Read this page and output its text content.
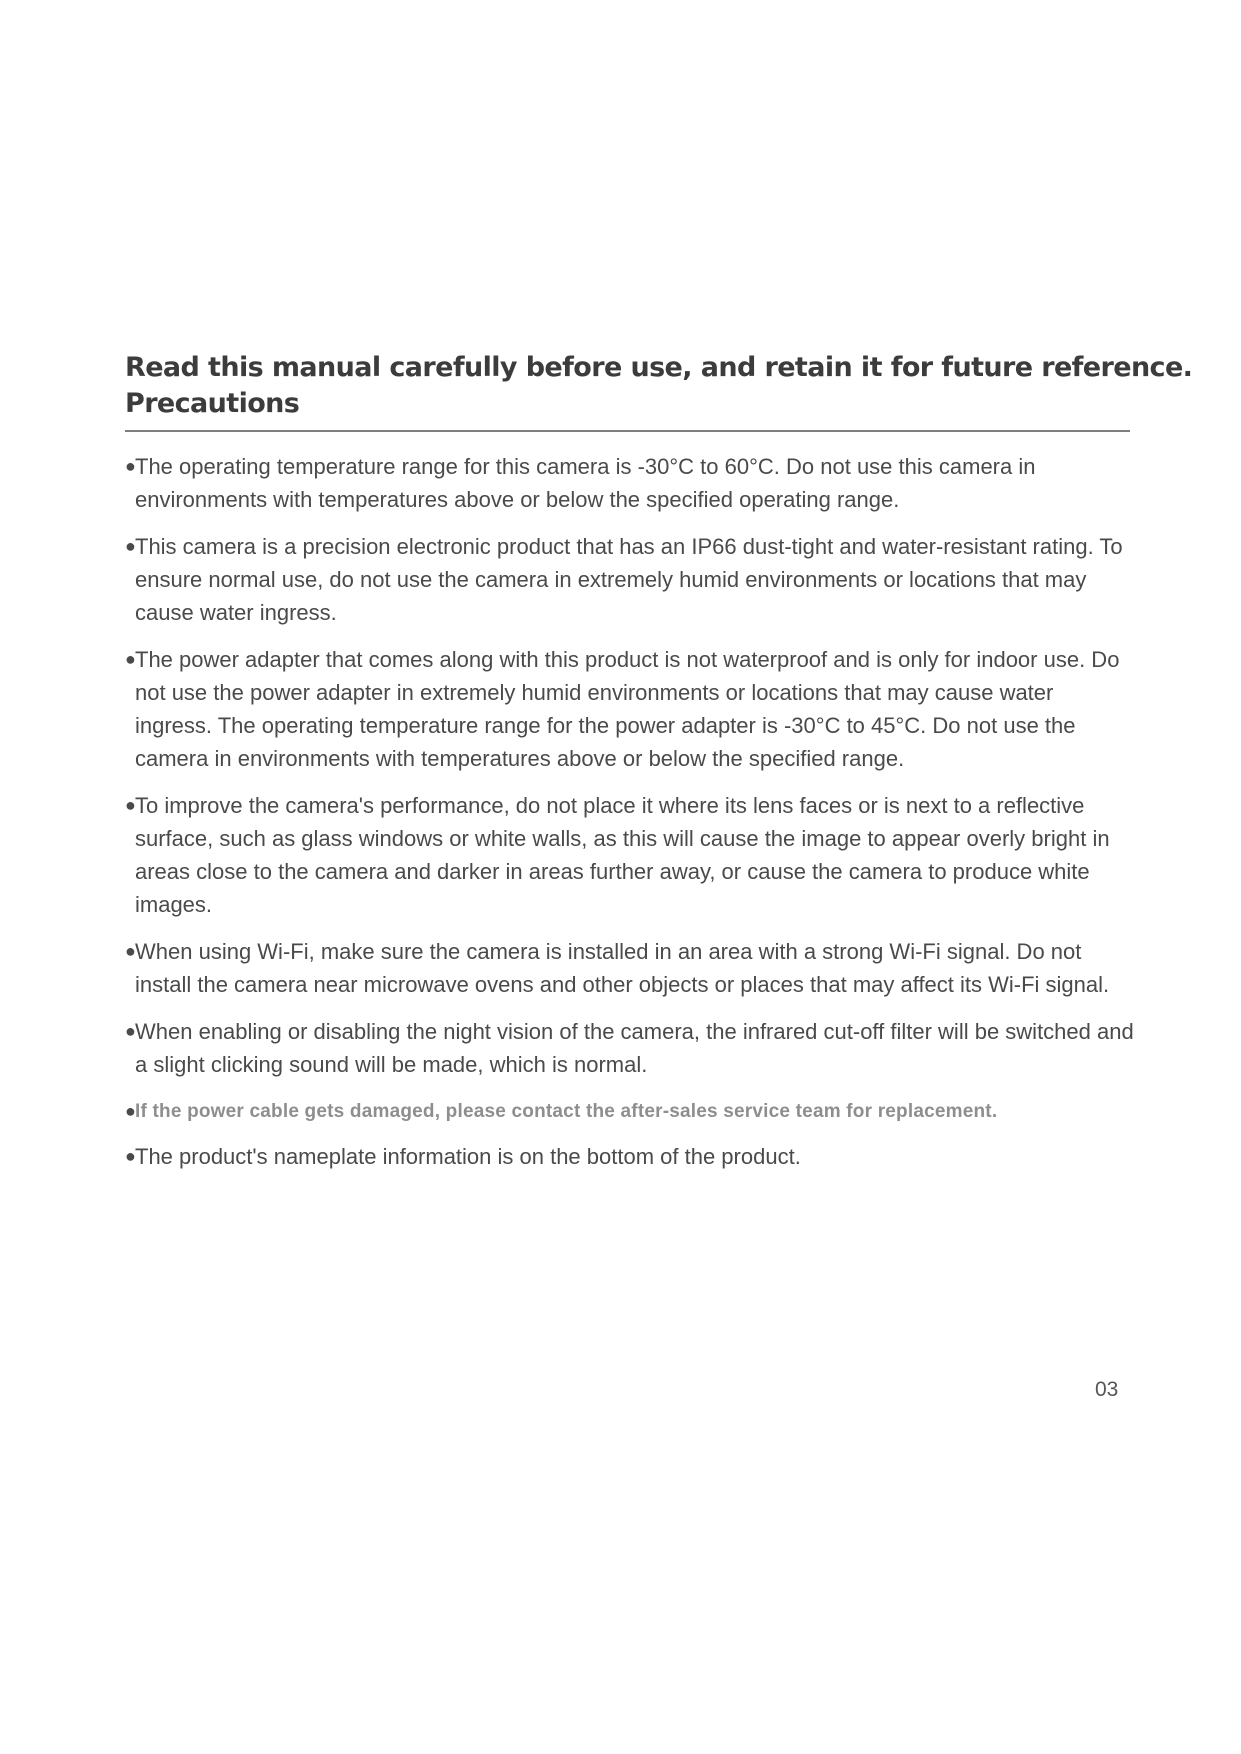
Read this manual carefully before use, and retain it for future reference.
Precautions
● The operating temperature range for this camera is -30°C to 60°C. Do not use this camera in environments with temperatures above or below the specified operating range.
● This camera is a precision electronic product that has an IP66 dust-tight and water-resistant rating. To ensure normal use, do not use the camera in extremely humid environments or locations that may cause water ingress.
● The power adapter that comes along with this product is not waterproof and is only for indoor use. Do not use the power adapter in extremely humid environments or locations that may cause water ingress. The operating temperature range for the power adapter is -30°C to 45°C. Do not use the camera in environments with temperatures above or below the specified range.
● To improve the camera's performance, do not place it where its lens faces or is next to a reflective surface, such as glass windows or white walls, as this will cause the image to appear overly bright in areas close to the camera and darker in areas further away, or cause the camera to produce white images.
● When using Wi-Fi, make sure the camera is installed in an area with a strong Wi-Fi signal. Do not install the camera near microwave ovens and other objects or places that may affect its Wi-Fi signal.
● When enabling or disabling the night vision of the camera, the infrared cut-off filter will be switched and a slight clicking sound will be made, which is normal.
●
If the power cable gets damaged, please contact the after-sales service team for replacement.
● The product's nameplate information is on the bottom of the product.
03
